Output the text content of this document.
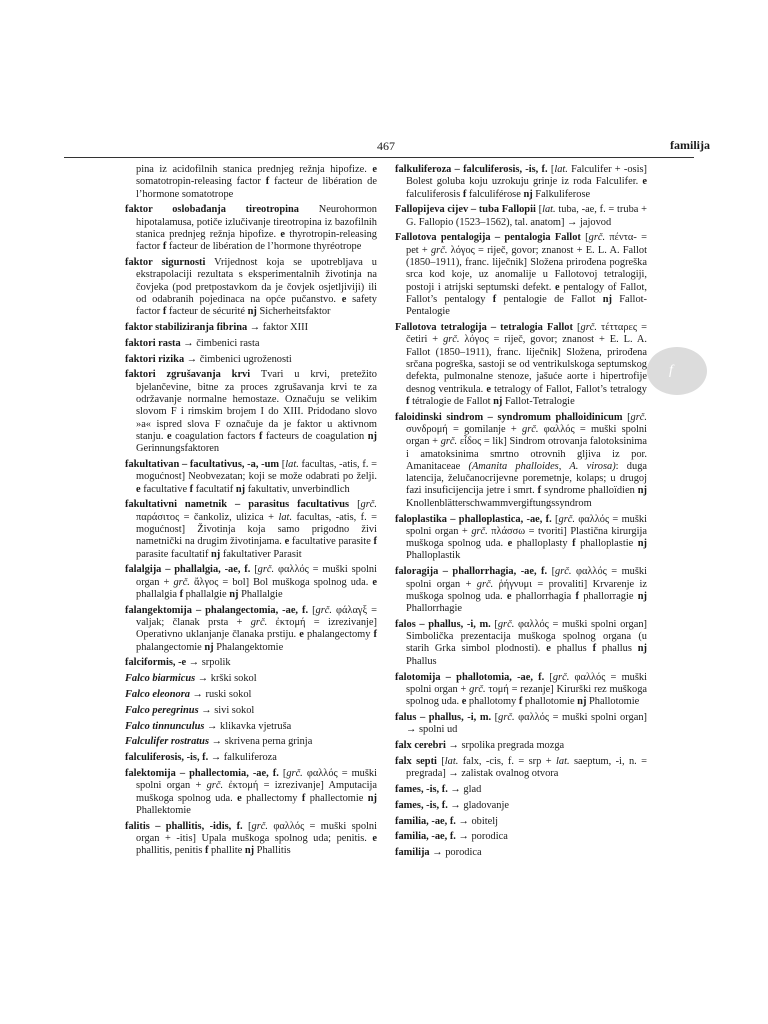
467	familija
f

pina iz acidofilnih stanica prednjeg režnja hipofize. e somatotropin-releasing factor f facteur de libération de l’hormone somatotrope

faktor oslobađanja tireotropina Neurohormon hipotalamusa, potiče izlučivanje tireotropina iz bazofilnih stanica prednjeg režnja hipofize. e thyrotropin-releasing factor f facteur de libération de l’hormone thyréotrope

faktor sigurnosti Vrijednost koja se upotrebljava u ekstrapolaciji rezultata s eksperimentalnih životinja na čovjeka (pod pretpostavkom da je čovjek osjetljiviji) ili od odabranih pojedinaca na opće pučanstvo. e safety factor f facteur de sécurité nj Sicherheitsfaktor

faktor stabiliziranja fibrina → faktor XIII

faktori rasta → čimbenici rasta

faktori rizika → čimbenici ugroženosti

faktori zgrušavanja krvi Tvari u krvi, pretežito bjelančevine, bitne za proces zgrušavanja krvi te za održavanje normalne hemostaze. Označuju se velikim slovom F i rimskim brojem I do XIII. Pridodano slovo »a« ispred slova F označuje da je faktor u aktivnom stanju. e coagulation factors f facteurs de coagulation nj Gerinnungsfaktoren

fakultativan – facultativus, -a, -um [lat. facultas, -atis, f. = mogućnost] Neobvezatan; koji se može odabrati po želji. e facultative f facultatif nj fakultativ, unverbindlich

fakultativni nametnik – parasitus facultativus [grč. παράσιτος = čankoliz, ulizica + lat. facultas, -atis, f. = mogućnost] Životinja koja samo prigodno živi nametnički na drugim životinjama. e facultative parasite f parasite facultatif nj fakultativer Parasit

falalgija – phallalgia, -ae, f. [grč. φαλλός = muški spolni organ + grč. ἄλγος = bol] Bol muškoga spolnog uda. e phallalgia f phallalgie nj Phallalgie

falangektomija – phalangectomia, -ae, f. [grč. φάλαγξ = valjak; članak prsta + grč. ἐκτομή = izrezivanje] Operativno uklanjanje članaka prstiju. e phalangectomy f phalangectomie nj Phalangektomie

falciformis, -e → srpolik

Falco biarmicus → krški sokol

Falco eleonora → ruski sokol

Falco peregrinus → sivi sokol

Falco tinnunculus → klikavka vjetruša

Falculifer rostratus → skrivena perna grinja

falculiferosis, -is, f. → falkuliferoza

falektomija – phallectomia, -ae, f. [grč. φαλλός = muški spolni organ + grč. ἐκτομή = izrezivanje] Amputacija muškoga spolnog uda. e phallectomy f phallectomie nj Phallektomie

falitis – phallitis, -idis, f. [grč. φαλλός = muški spolni organ + -itis] Upala muškoga spolnog uda; penitis. e phallitis, penitis f phallite nj Phallitis

falkuliferoza – falculiferosis, -is, f. [lat. Falculifer + -osis] Bolest goluba koju uzrokuju grinje iz roda Falculifer. e falculiferosis f falculiférose nj Falkuliferose

Fallopijeva cijev – tuba Fallopii [lat. tuba, -ae, f. = truba + G. Fallopio (1523–1562), tal. anatom] → jajovod

Fallotova pentalogija – pentalogia Fallot [grč. πέντα- = pet + grč. λόγος = riječ, govor; znanost + E. L. A. Fallot (1850–1911), franc. liječnik] Složena prirođena pogreška srca kod koje, uz anomalije u Fallotovoj tetralogiji, postoji i atrijski septumski defekt. e pentalogy of Fallot, Fallot’s pentalogy f pentalogie de Fallot nj Fallot-Pentalogie

Fallotova tetralogija – tetralogia Fallot [grč. τέτταρες = četiri + grč. λόγος = riječ, govor; znanost + E. L. A. Fallot (1850–1911), franc. liječnik] Složena, prirođena srčana pogreška, sastoji se od ventrikulskoga septumskog defekta, pulmonalne stenoze, jašuće aorte i hipertrofije desnog ventrikula. e tetralogy of Fallot, Fallot’s tetralogy f tétralogie de Fallot nj Fallot-Tetralogie

faloidinski sindrom – syndromum phalloidinicum [grč. συνδρομή = gomilanje + grč. φαλλός = muški spolni organ + grč. εἶδος = lik] Sindrom otrovanja falotoksinima i amatoksinima smrtno otrovnih gljiva iz por. Amanitaceae (Amanita phalloides, A. virosa): duga latencija, želučanocrijevne poremetnje, kolaps; u drugoj fazi insuficijencija jetre i smrt. f syndrome phalloïdien nj Knollenblätterschwammvergiftungssyndrom

faloplastika – phalloplastica, -ae, f. [grč. φαλλός = muški spolni organ + grč. πλάσσω = tvoriti] Plastična kirurgija muškoga spolnog uda. e phalloplasty f phalloplastie nj Phalloplastik

faloragija – phallorrhagia, -ae, f. [grč. φαλλός = muški spolni organ + grč. ῥήγνυμι = provaliti] Krvarenje iz muškoga spolnog uda. e phallorrhagia f phallorragie nj Phallorrhagie

falos – phallus, -i, m. [grč. φαλλός = muški spolni organ] Simbolička prezentacija muškoga spolnog organa (u starih Grka simbol plodnosti). e phallus f phallus nj Phallus

falotomija – phallotomia, -ae, f. [grč. φαλλός = muški spolni organ + grč. τομή = rezanje] Kirurški rez muškoga spolnog uda. e phallotomy f phallotomie nj Phallotomie

falus – phallus, -i, m. [grč. φαλλός = muški spolni organ] → spolni ud

falx cerebri → srpolika pregrada mozga

falx septi [lat. falx, -cis, f. = srp + lat. saeptum, -i, n. = pregrada] → zalistak ovalnog otvora

fames, -is, f. → glad

fames, -is, f. → gladovanje

familia, -ae, f. → obitelj

familia, -ae, f. → porodica

familija → porodica
